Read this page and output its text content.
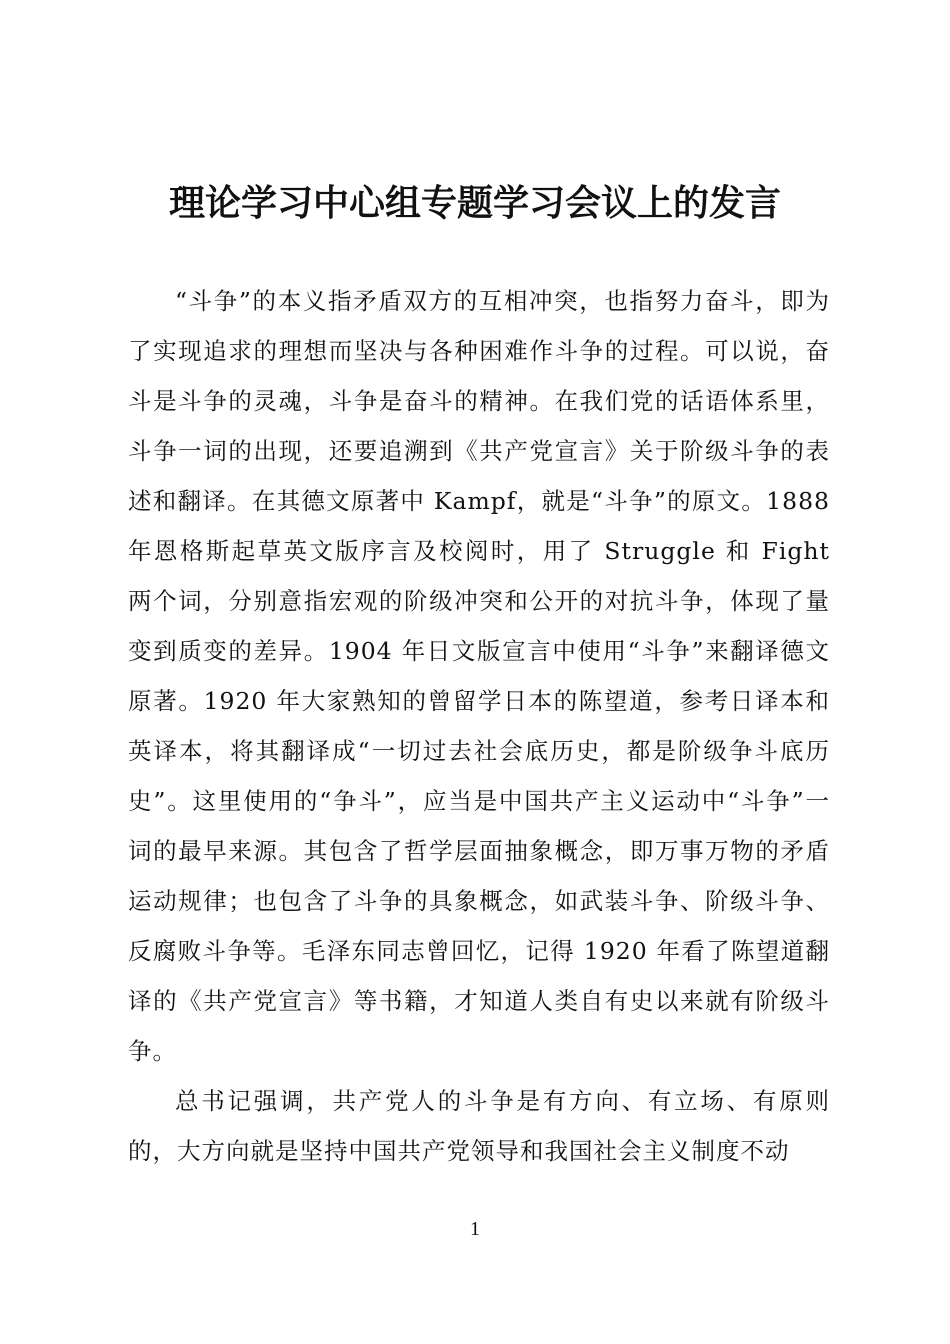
理论学习中心组专题学习会议上的发言

“斗争”的本义指矛盾双方的互相冲突，也指努力奋斗，即为了实现追求的理想而坚决与各种困难作斗争的过程。可以说，奋斗是斗争的灵魂，斗争是奋斗的精神。在我们党的话语体系里，斗争一词的出现，还要追溯到《共产党宣言》关于阶级斗争的表述和翻译。在其德文原著中 Kampf，就是“斗争”的原文。1888 年恩格斯起草英文版序言及校阅时，用了 Struggle 和 Fight 两个词，分别意指宏观的阶级冲突和公开的对抗斗争，体现了量变到质变的差异。1904 年日文版宣言中使用“斗争”来翻译德文原著。1920 年大家熟知的曾留学日本的陈望道，参考日译本和英译本，将其翻译成“一切过去社会底历史，都是阶级争斗底历史”。这里使用的“争斗”，应当是中国共产主义运动中“斗争”一词的最早来源。其包含了哲学层面抽象概念，即万事万物的矛盾运动规律；也包含了斗争的具象概念，如武装斗争、阶级斗争、反腐败斗争等。毛泽东同志曾回忆，记得 1920 年看了陈望道翻译的《共产党宣言》等书籍，才知道人类自有史以来就有阶级斗争。

总书记强调，共产党人的斗争是有方向、有立场、有原则的，大方向就是坚持中国共产党领导和我国社会主义制度不动

1
